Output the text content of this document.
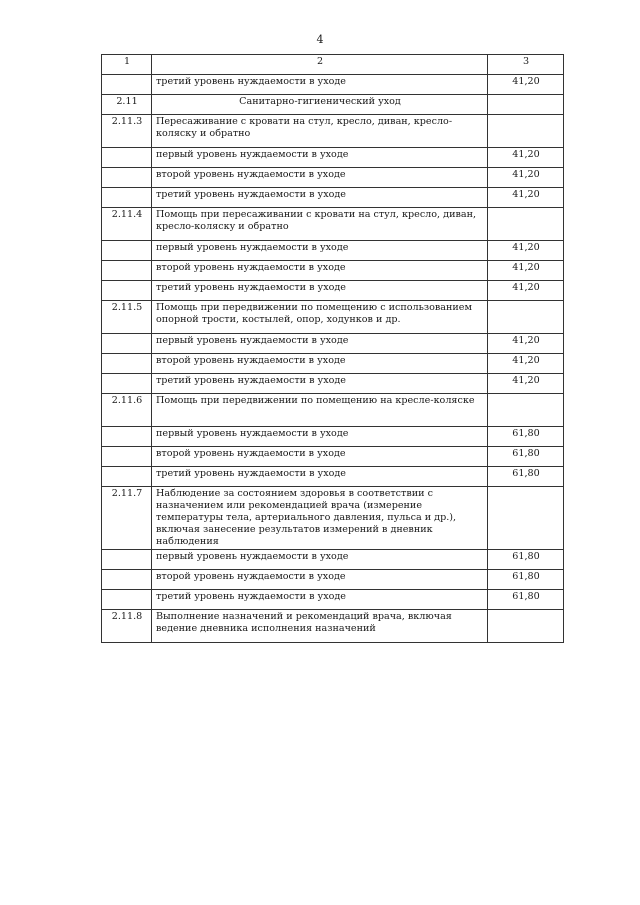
4
1	2	3
	третий уровень нуждаемости в уходе	41,20
2.11	Санитарно-гигиенический уход	
2.11.3	Пересаживание с кровати на стул, кресло, диван, кресло-коляску и обратно	
	первый уровень нуждаемости в уходе	41,20
	второй уровень нуждаемости в уходе	41,20
	третий уровень нуждаемости в уходе	41,20
2.11.4	Помощь при пересаживании с кровати на стул, кресло, диван, кресло-коляску и обратно	
	первый уровень нуждаемости в уходе	41,20
	второй уровень нуждаемости в уходе	41,20
	третий уровень нуждаемости в уходе	41,20
2.11.5	Помощь при передвижении по помещению с использованием опорной трости, костылей, опор, ходунков и др.	
	первый уровень нуждаемости в уходе	41,20
	второй уровень нуждаемости в уходе	41,20
	третий уровень нуждаемости в уходе	41,20
2.11.6	Помощь при передвижении по помещению на кресле-коляске	
	первый уровень нуждаемости в уходе	61,80
	второй уровень нуждаемости в уходе	61,80
	третий уровень нуждаемости в уходе	61,80
2.11.7	Наблюдение за состоянием здоровья в соответствии с назначением или рекомендацией врача (измерение температуры тела, артериального давления, пульса и др.), включая занесение результатов измерений в дневник наблюдения	
	первый уровень нуждаемости в уходе	61,80
	второй уровень нуждаемости в уходе	61,80
	третий уровень нуждаемости в уходе	61,80
2.11.8	Выполнение назначений и рекомендаций врача, включая ведение дневника исполнения назначений	
